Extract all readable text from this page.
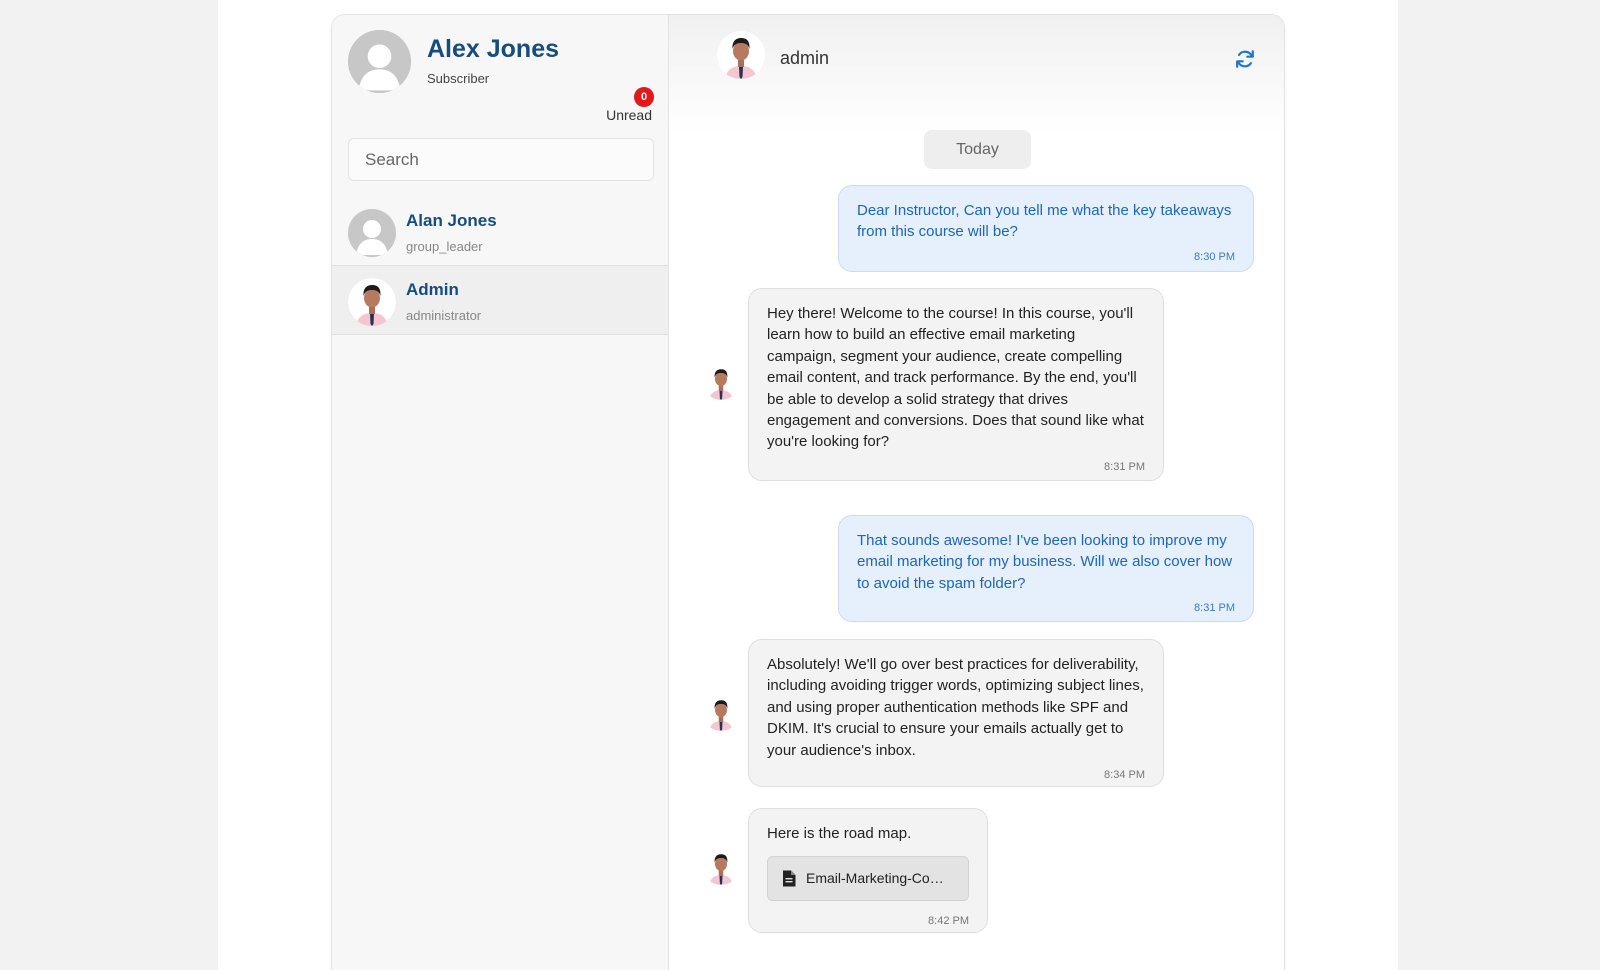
Alex Jones
Subscriber
0
Unread
Search
Alan Jones
group_leader
Admin
administrator
admin
Today
Dear Instructor, Can you tell me what the key takeaways from this course will be?
8:30 PM
Hey there! Welcome to the course! In this course, you'll learn how to build an effective email marketing campaign, segment your audience, create compelling email content, and track performance. By the end, you'll be able to develop a solid strategy that drives engagement and conversions. Does that sound like what you're looking for?
8:31 PM
That sounds awesome! I've been looking to improve my email marketing for my business. Will we also cover how to avoid the spam folder?
8:31 PM
Absolutely! We'll go over best practices for deliverability, including avoiding trigger words, optimizing subject lines, and using proper authentication methods like SPF and DKIM. It's crucial to ensure your emails actually get to your audience's inbox.
8:34 PM
Here is the road map.
Email-Marketing-Co…
8:42 PM
